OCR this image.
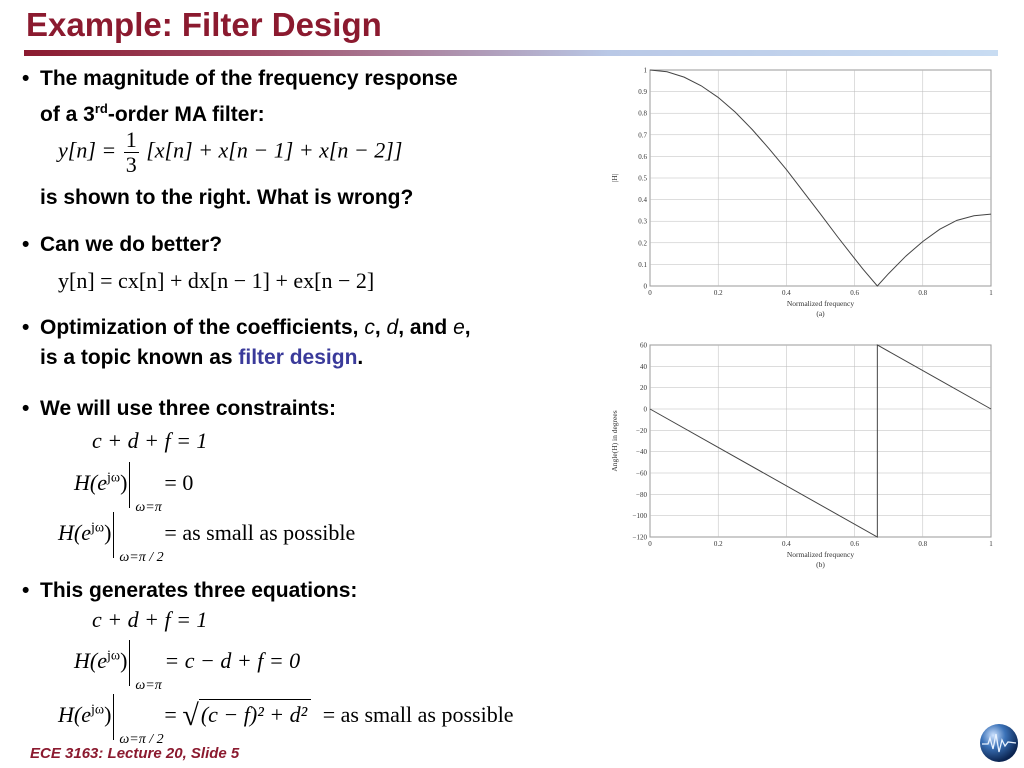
Example: Filter Design
• The magnitude of the frequency response
of a 3rd-order MA filter:
$y[n] = \frac{1}{3} [x[n] + x[n - 1] + x[n - 2]]$
is shown to the right. What is wrong?
• Can we do better?
y[n] = cx[n] + dx[n − 1] + ex[n − 2]
• Optimization of the coefficients, c, d, and e,
is a topic known as filter design.
• We will use three constraints:
c + d + f = 1
$H(e^{j\omega})$
ω=π
= 0
$H(e^{j\omega})$
ω=π / 2
= as small as possible
• This generates three equations:
c + d + f = 1
$H(e^{j\omega})$
ω=π
= c − d + f = 0
$H(e^{j\omega})$
ω=π / 2
= √(c − f)² + d² = as small as possible
0	0.2	0.4	0.6	0.8	1
0
0.1
0.2
0.3
0.4
0.5
0.6
0.7
0.8
0.9
1
Normalized frequency
(a)
|H|
0	0.2	0.4	0.6	0.8	1
60
40
20
0
−20
−40
−60
−80
−100
−120
Normalized frequency
(b)
Angle(H) in degrees
ECE 3163: Lecture 20, Slide 5
